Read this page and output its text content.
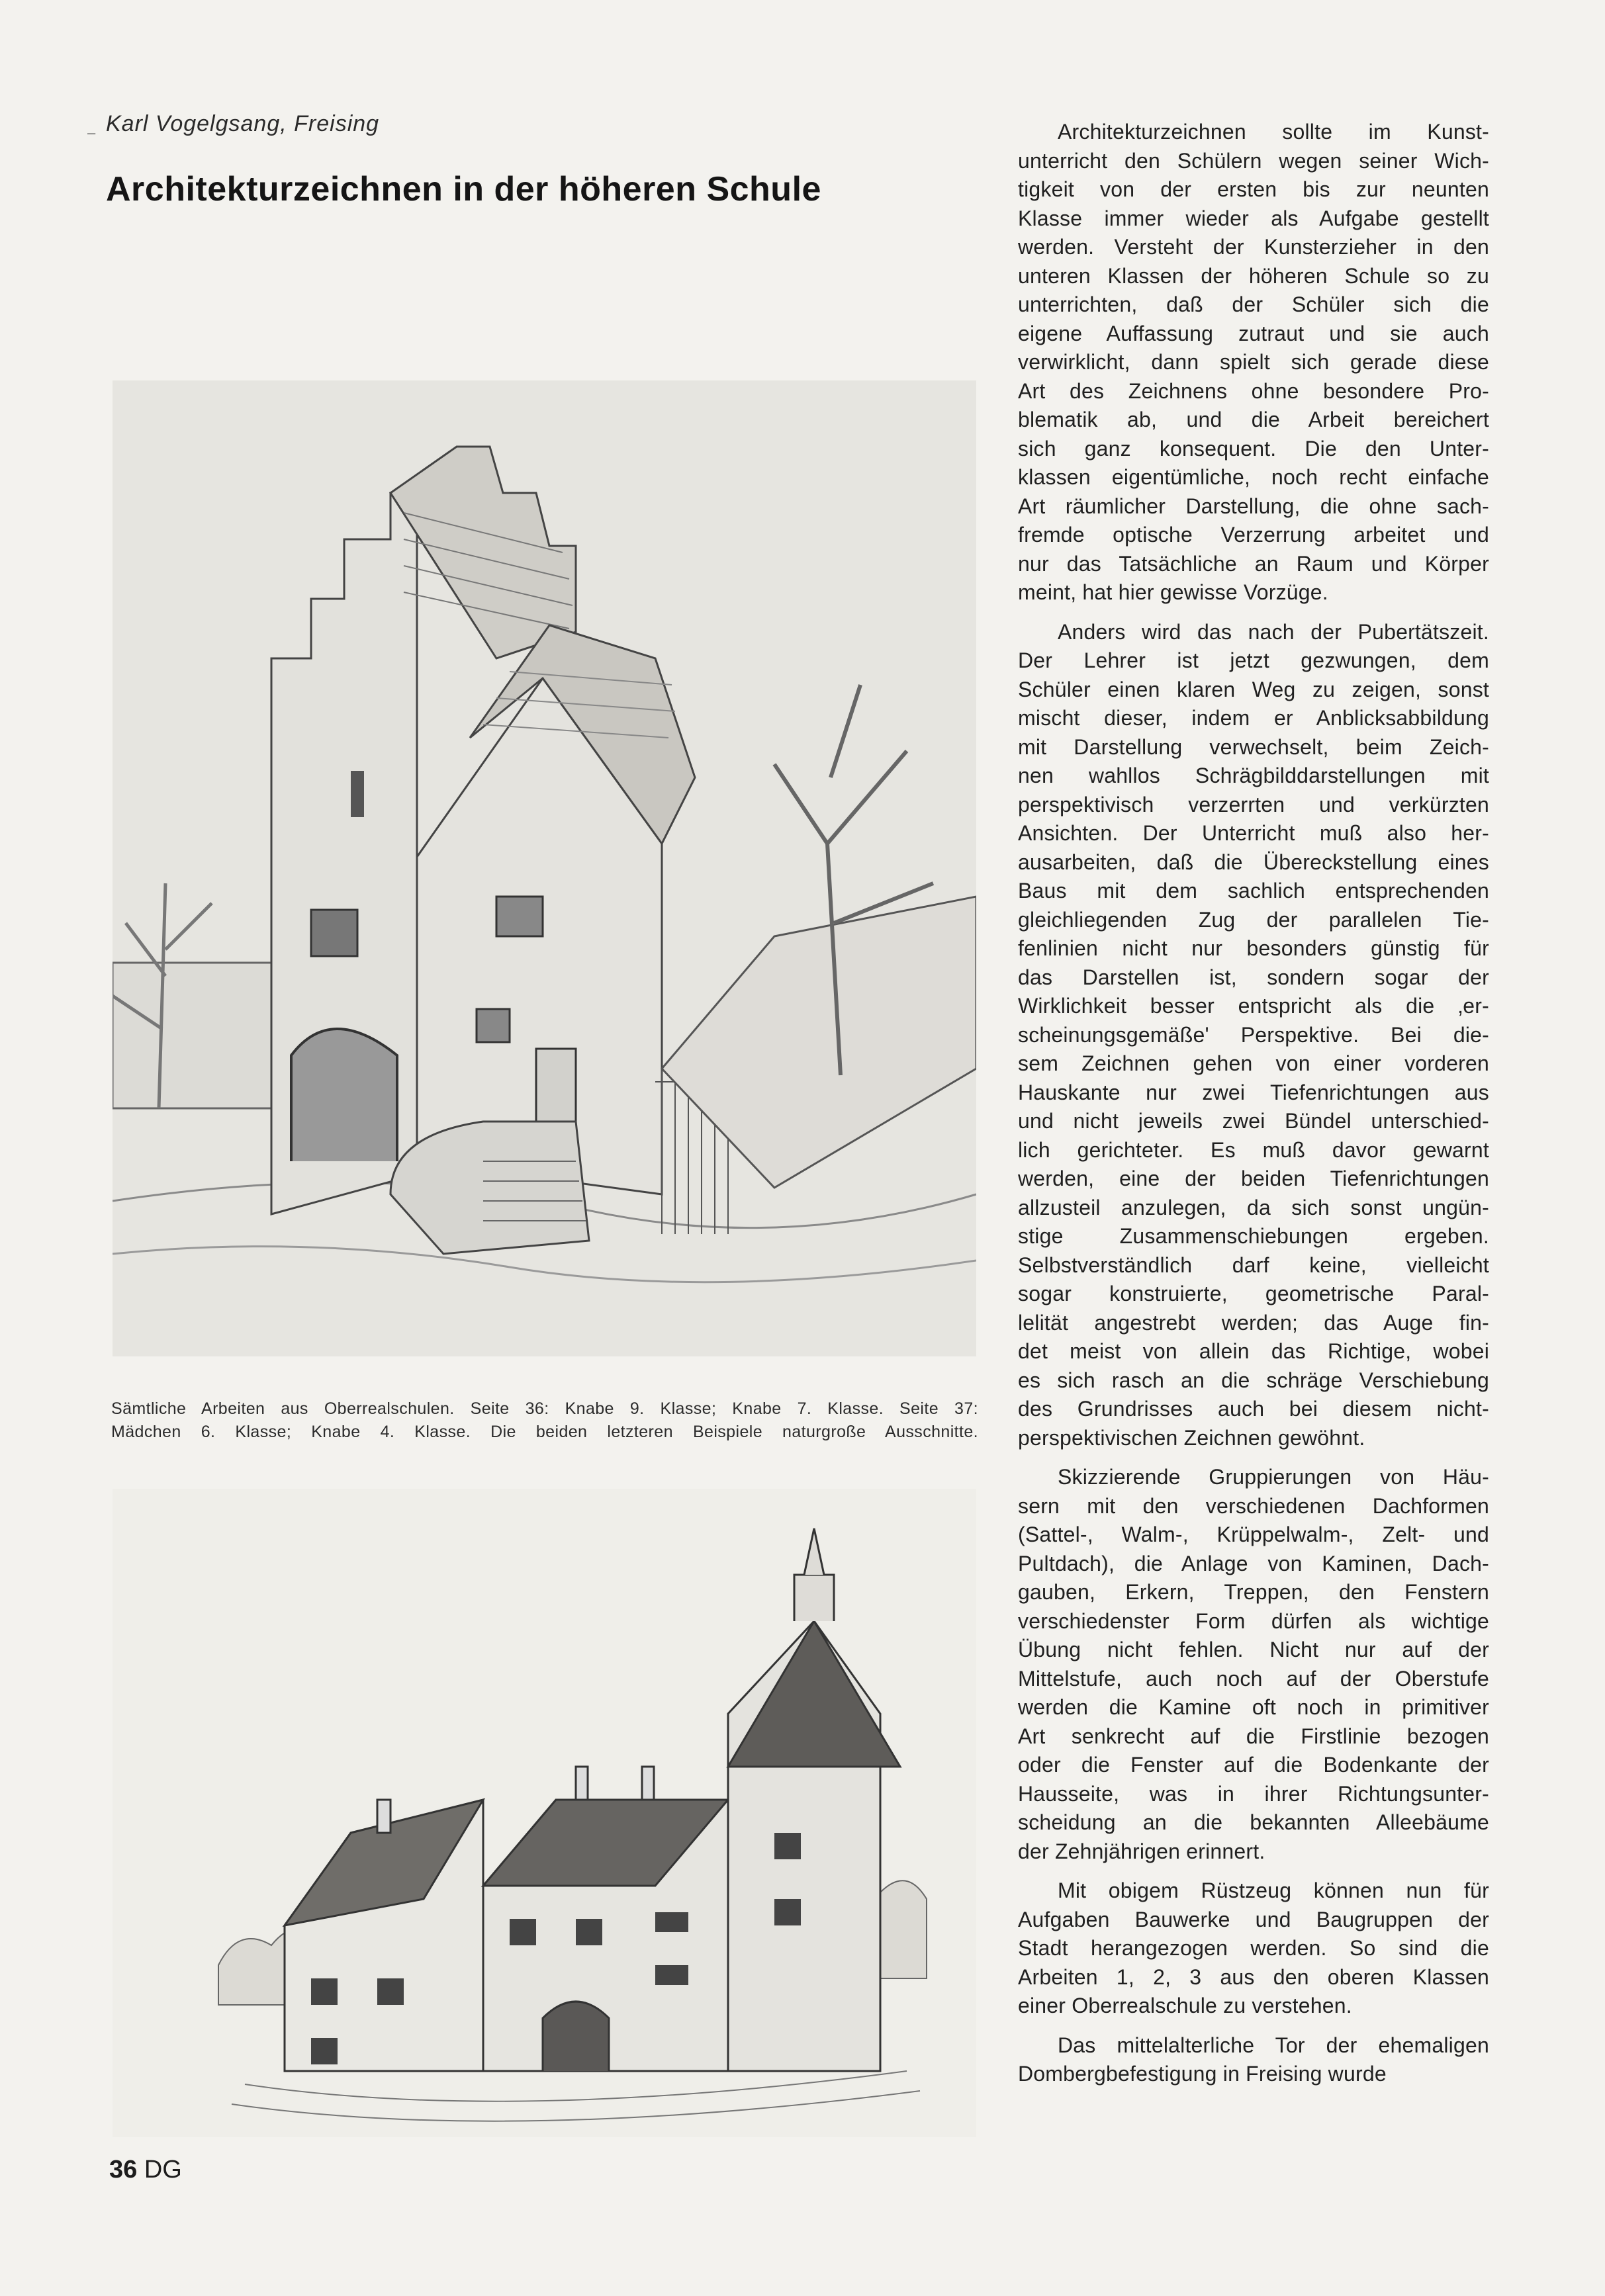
– Karl Vogelgsang, Freising
Architekturzeichnen in der höheren Schule
Sämtliche Arbeiten aus Oberrealschulen. Seite 36: Knabe 9. Klasse; Knabe 7. Klasse. Seite 37:
Mädchen 6. Klasse; Knabe 4. Klasse. Die beiden letzteren Beispiele naturgroße Ausschnitte.
36 DG

Architekturzeichnen sollte im Kunst-
unterricht den Schülern wegen seiner Wich-
tigkeit von der ersten bis zur neunten
Klasse immer wieder als Aufgabe gestellt
werden. Versteht der Kunsterzieher in den
unteren Klassen der höheren Schule so zu
unterrichten, daß der Schüler sich die
eigene Auffassung zutraut und sie auch
verwirklicht, dann spielt sich gerade diese
Art des Zeichnens ohne besondere Pro-
blematik ab, und die Arbeit bereichert
sich ganz konsequent. Die den Unter-
klassen eigentümliche, noch recht einfache
Art räumlicher Darstellung, die ohne sach-
fremde optische Verzerrung arbeitet und
nur das Tatsächliche an Raum und Körper
meint, hat hier gewisse Vorzüge.

Anders wird das nach der Pubertätszeit.
Der Lehrer ist jetzt gezwungen, dem
Schüler einen klaren Weg zu zeigen, sonst
mischt dieser, indem er Anblicksabbildung
mit Darstellung verwechselt, beim Zeich-
nen wahllos Schrägbilddarstellungen mit
perspektivisch verzerrten und verkürzten
Ansichten. Der Unterricht muß also her-
ausarbeiten, daß die Übereckstellung eines
Baus mit dem sachlich entsprechenden
gleichliegenden Zug der parallelen Tie-
fenlinien nicht nur besonders günstig für
das Darstellen ist, sondern sogar der
Wirklichkeit besser entspricht als die ‚er-
scheinungsgemäße' Perspektive. Bei die-
sem Zeichnen gehen von einer vorderen
Hauskante nur zwei Tiefenrichtungen aus
und nicht jeweils zwei Bündel unterschied-
lich gerichteter. Es muß davor gewarnt
werden, eine der beiden Tiefenrichtungen
allzusteil anzulegen, da sich sonst ungün-
stige Zusammenschiebungen ergeben.
Selbstverständlich darf keine, vielleicht
sogar konstruierte, geometrische Paral-
lelität angestrebt werden; das Auge fin-
det meist von allein das Richtige, wobei
es sich rasch an die schräge Verschiebung
des Grundrisses auch bei diesem nicht-
perspektivischen Zeichnen gewöhnt.

Skizzierende Gruppierungen von Häu-
sern mit den verschiedenen Dachformen
(Sattel-, Walm-, Krüppelwalm-, Zelt- und
Pultdach), die Anlage von Kaminen, Dach-
gauben, Erkern, Treppen, den Fenstern
verschiedenster Form dürfen als wichtige
Übung nicht fehlen. Nicht nur auf der
Mittelstufe, auch noch auf der Oberstufe
werden die Kamine oft noch in primitiver
Art senkrecht auf die Firstlinie bezogen
oder die Fenster auf die Bodenkante der
Hausseite, was in ihrer Richtungsunter-
scheidung an die bekannten Alleebäume
der Zehnjährigen erinnert.

Mit obigem Rüstzeug können nun für
Aufgaben Bauwerke und Baugruppen der
Stadt herangezogen werden. So sind die
Arbeiten 1, 2, 3 aus den oberen Klassen
einer Oberrealschule zu verstehen.

Das mittelalterliche Tor der ehemaligen
Dombergbefestigung in Freising wurde
